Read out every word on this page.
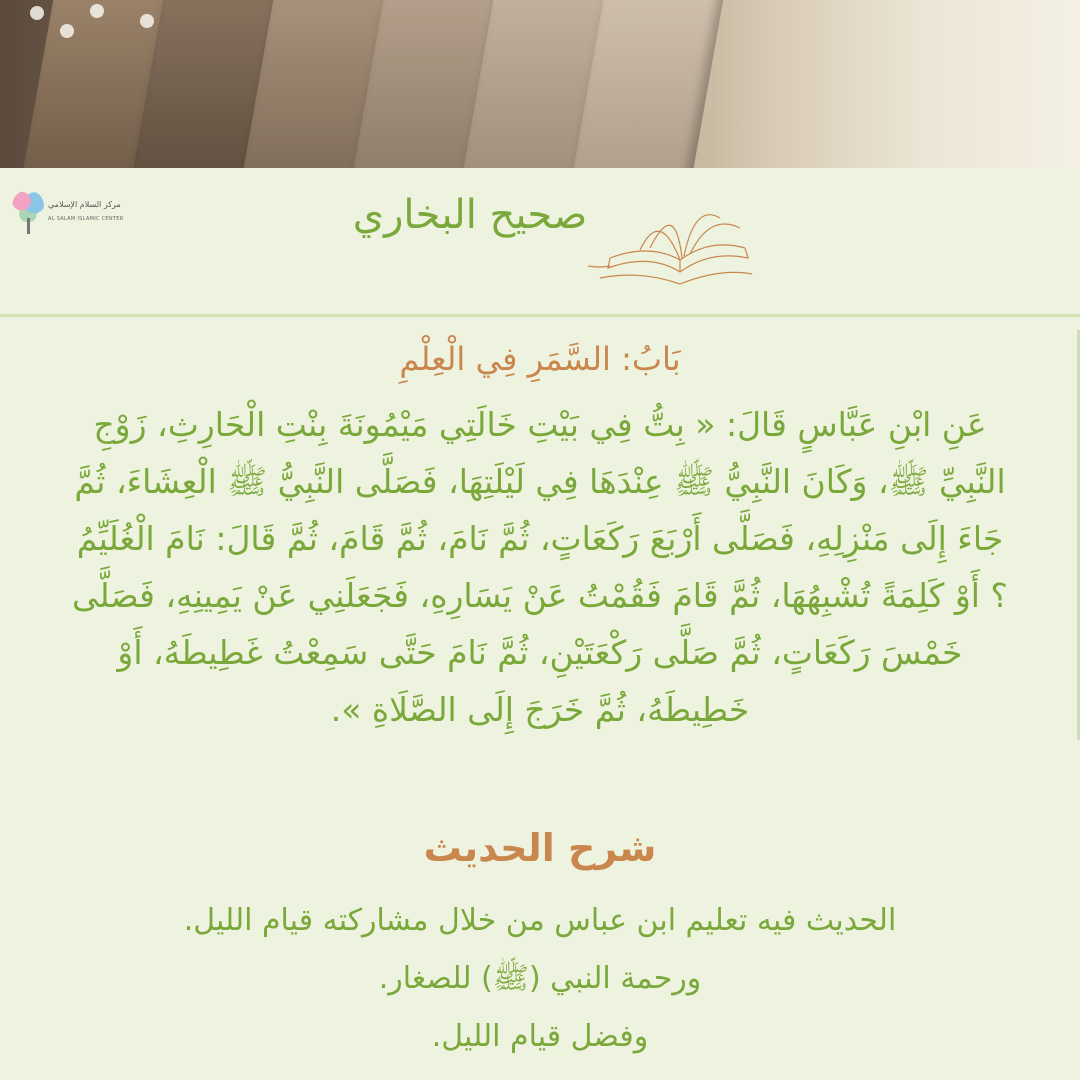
مركز السلام الإسلامي
AL SALAM ISLAMIC CENTER	صحيح البخاري
بَابُ: السَّمَرِ فِي الْعِلْمِ
عَنِ ابْنِ عَبَّاسٍ قَالَ: « بِتُّ فِي بَيْتِ خَالَتِي مَيْمُونَةَ بِنْتِ الْحَارِثِ، زَوْجِ النَّبِيِّ ﷺ، وَكَانَ النَّبِيُّ ﷺ عِنْدَهَا فِي لَيْلَتِهَا، فَصَلَّى النَّبِيُّ ﷺ الْعِشَاءَ، ثُمَّ جَاءَ إِلَى مَنْزِلِهِ، فَصَلَّى أَرْبَعَ رَكَعَاتٍ، ثُمَّ نَامَ، ثُمَّ قَامَ، ثُمَّ قَالَ: نَامَ الْغُلَيِّمُ ؟ أَوْ كَلِمَةً تُشْبِهُهَا، ثُمَّ قَامَ فَقُمْتُ عَنْ يَسَارِهِ، فَجَعَلَنِي عَنْ يَمِينِهِ، فَصَلَّى خَمْسَ رَكَعَاتٍ، ثُمَّ صَلَّى رَكْعَتَيْنِ، ثُمَّ نَامَ حَتَّى سَمِعْتُ غَطِيطَهُ، أَوْ خَطِيطَهُ، ثُمَّ خَرَجَ إِلَى الصَّلَاةِ ».
شرح الحديث
الحديث فيه تعليم ابن عباس من خلال مشاركته قيام الليل.
ورحمة النبي (ﷺ) للصغار.
وفضل قيام الليل.
